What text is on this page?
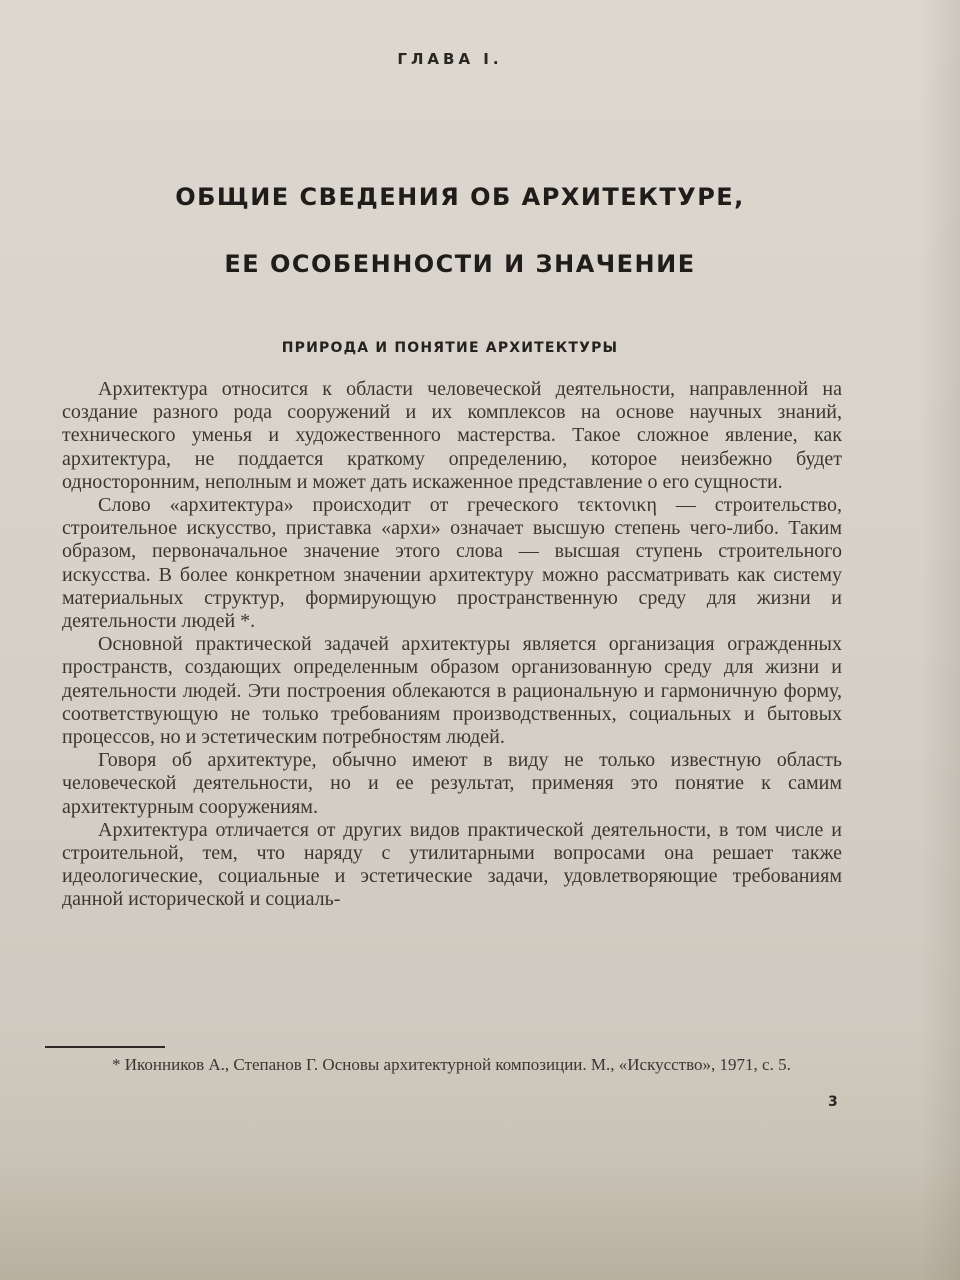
ГЛАВА I.
ОБЩИЕ СВЕДЕНИЯ ОБ АРХИТЕКТУРЕ,
ЕЕ ОСОБЕННОСТИ И ЗНАЧЕНИЕ
ПРИРОДА И ПОНЯТИЕ АРХИТЕКТУРЫ

Архитектура относится к области человеческой деятельности, направленной на создание разного рода сооружений и их комплексов на основе научных знаний, технического уменья и художественного мастерства. Такое сложное явление, как архитектура, не поддается краткому определению, которое неизбежно будет односторонним, неполным и может дать искаженное представление о его сущности.

Слово «архитектура» происходит от греческого τεκτονικη — строительство, строительное искусство, приставка «архи» означает высшую степень чего-либо. Таким образом, первоначальное значение этого слова — высшая ступень строительного искусства. В более конкретном значении архитектуру можно рассматривать как систему материальных структур, формирующую пространственную среду для жизни и деятельности людей *.

Основной практической задачей архитектуры является организация огражденных пространств, создающих определенным образом организованную среду для жизни и деятельности людей. Эти построения облекаются в рациональную и гармоничную форму, соответствующую не только требованиям производственных, социальных и бытовых процессов, но и эстетическим потребностям людей.

Говоря об архитектуре, обычно имеют в виду не только известную область человеческой деятельности, но и ее результат, применяя это понятие к самим архитектурным сооружениям.

Архитектура отличается от других видов практической деятельности, в том числе и строительной, тем, что наряду с утилитарными вопросами она решает также идеологические, социальные и эстетические задачи, удовлетворяющие требованиям данной исторической и социаль-

* Иконников А., Степанов Г. Основы архитектурной композиции. М., «Искусство», 1971, с. 5.

3
